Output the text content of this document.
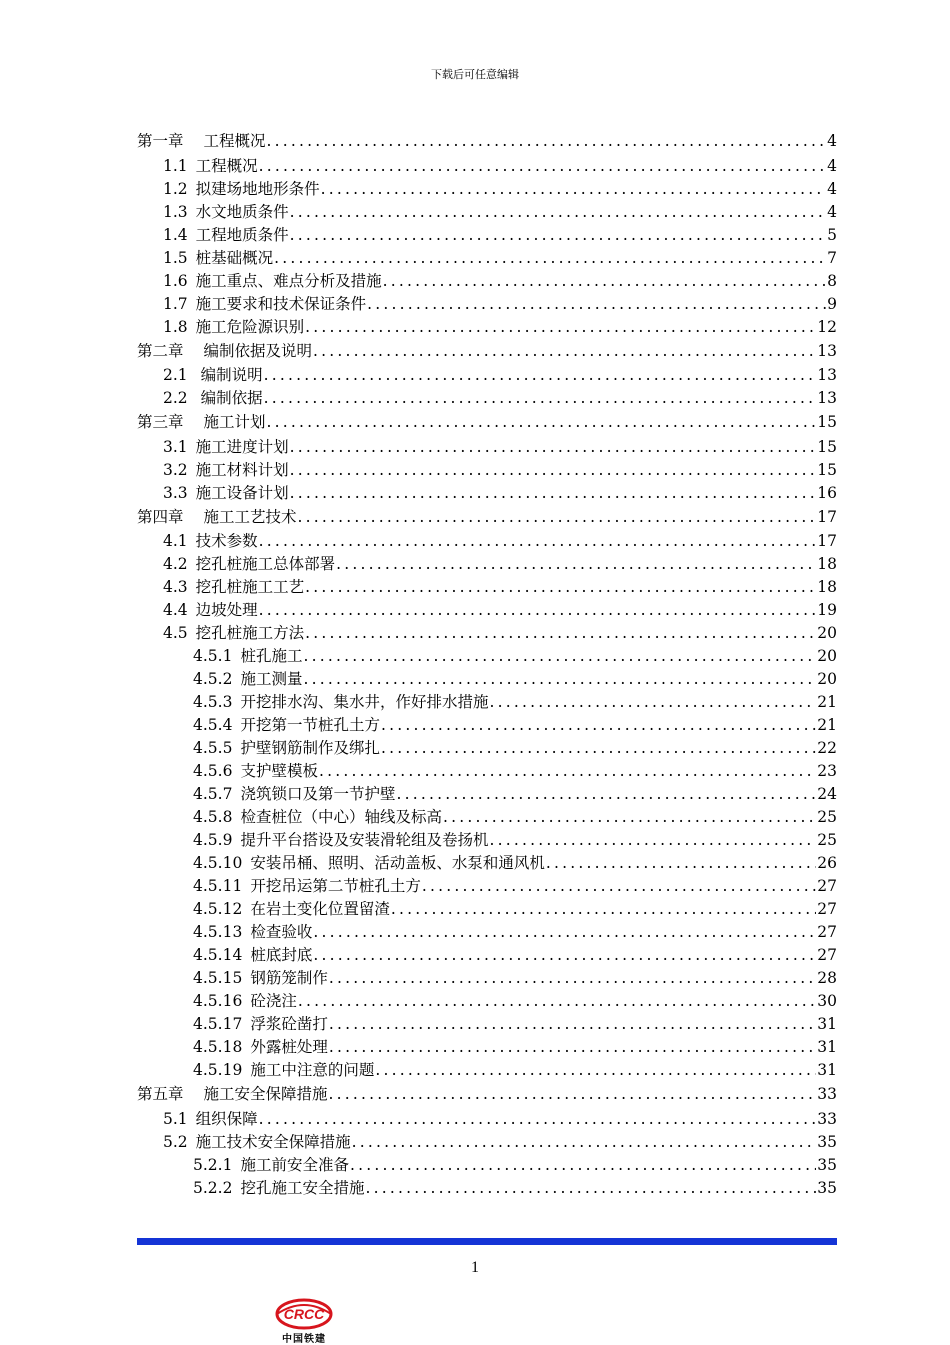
下载后可任意编辑
第一章 工程概况 .....	4
1.1 工程概况 .....	4
1.2 拟建场地地形条件 .....	4
1.3 水文地质条件 .....	4
1.4 工程地质条件 .....	5
1.5 桩基础概况 .....	7
1.6 施工重点、难点分析及措施 .....	8
1.7 施工要求和技术保证条件 .....	9
1.8 施工危险源识别 .....	12
第二章 编制依据及说明 .....	13
2.1 编制说明 .....	13
2.2 编制依据 .....	13
第三章 施工计划 .....	15
3.1 施工进度计划 .....	15
3.2 施工材料计划 .....	15
3.3 施工设备计划 .....	16
第四章 施工工艺技术 .....	17
4.1 技术参数 .....	17
4.2 挖孔桩施工总体部署 .....	18
4.3 挖孔桩施工工艺 .....	18
4.4 边坡处理 .....	19
4.5 挖孔桩施工方法 .....	20
4.5.1 桩孔施工 .....	20
4.5.2 施工测量 .....	20
4.5.3 开挖排水沟、集水井，作好排水措施 .....	21
4.5.4 开挖第一节桩孔土方 .....	21
4.5.5 护壁钢筋制作及绑扎 .....	22
4.5.6 支护壁模板 .....	23
4.5.7 浇筑锁口及第一节护壁 .....	24
4.5.8 检查桩位（中心）轴线及标高 .....	25
4.5.9 提升平台搭设及安装滑轮组及卷扬机 .....	25
4.5.10 安装吊桶、照明、活动盖板、水泵和通风机 .....	26
4.5.11 开挖吊运第二节桩孔土方 .....	27
4.5.12 在岩土变化位置留渣 .....	27
4.5.13 检查验收 .....	27
4.5.14 桩底封底 .....	27
4.5.15 钢筋笼制作 .....	28
4.5.16 砼浇注 .....	30
4.5.17 浮浆砼凿打 .....	31
4.5.18 外露桩处理 .....	31
4.5.19 施工中注意的问题 .....	31
第五章 施工安全保障措施 .....	33
5.1 组织保障 .....	33
5.2 施工技术安全保障措施 .....	35
5.2.1 施工前安全准备 .....	35
5.2.2 挖孔施工安全措施 .....	35
1
CRCC
中国铁建
